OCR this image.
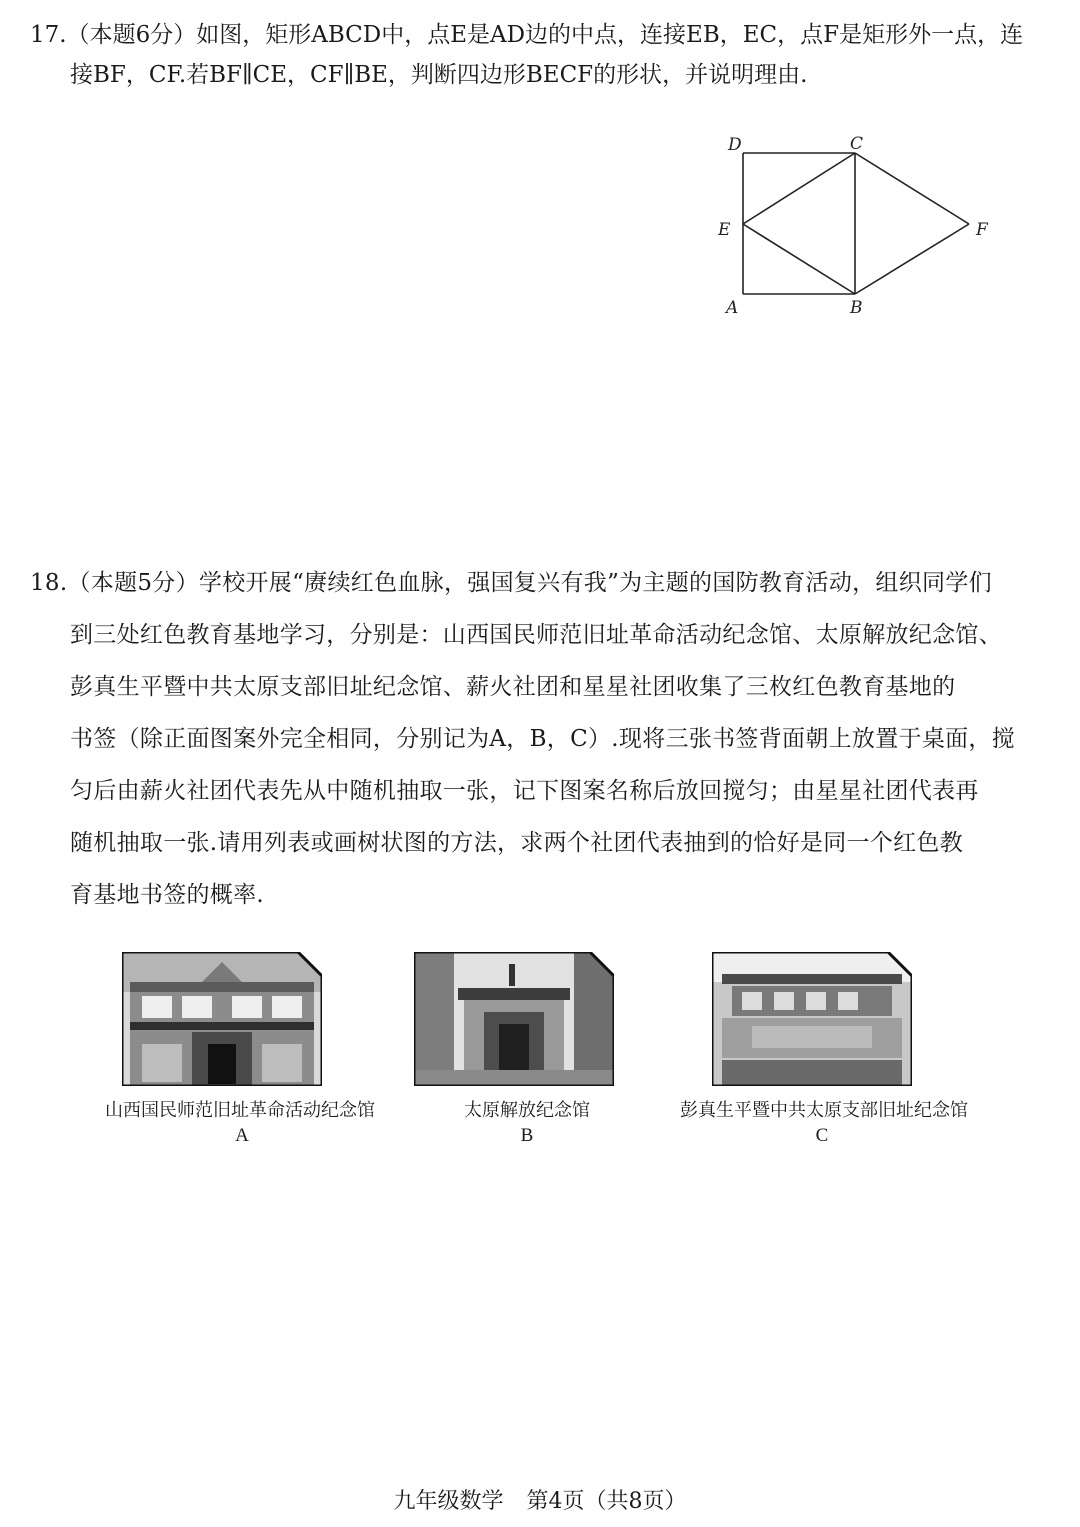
17.（本题6分）如图，矩形ABCD中，点E是AD边的中点，连接EB，EC，点F是矩形外一点，连
接BF，CF.若BF∥CE，CF∥BE，判断四边形BECF的形状，并说明理由.
D	C
E	F
A	B
18.（本题5分）学校开展“赓续红色血脉，强国复兴有我”为主题的国防教育活动，组织同学们
到三处红色教育基地学习，分别是：山西国民师范旧址革命活动纪念馆、太原解放纪念馆、
彭真生平暨中共太原支部旧址纪念馆、薪火社团和星星社团收集了三枚红色教育基地的
书签（除正面图案外完全相同，分别记为A，B，C）.现将三张书签背面朝上放置于桌面，搅
匀后由薪火社团代表先从中随机抽取一张，记下图案名称后放回搅匀；由星星社团代表再
随机抽取一张.请用列表或画树状图的方法，求两个社团代表抽到的恰好是同一个红色教
育基地书签的概率.
山西国民师范旧址革命活动纪念馆
A
太原解放纪念馆
B
彭真生平暨中共太原支部旧址纪念馆
C
九年级数学 第4页（共8页）
